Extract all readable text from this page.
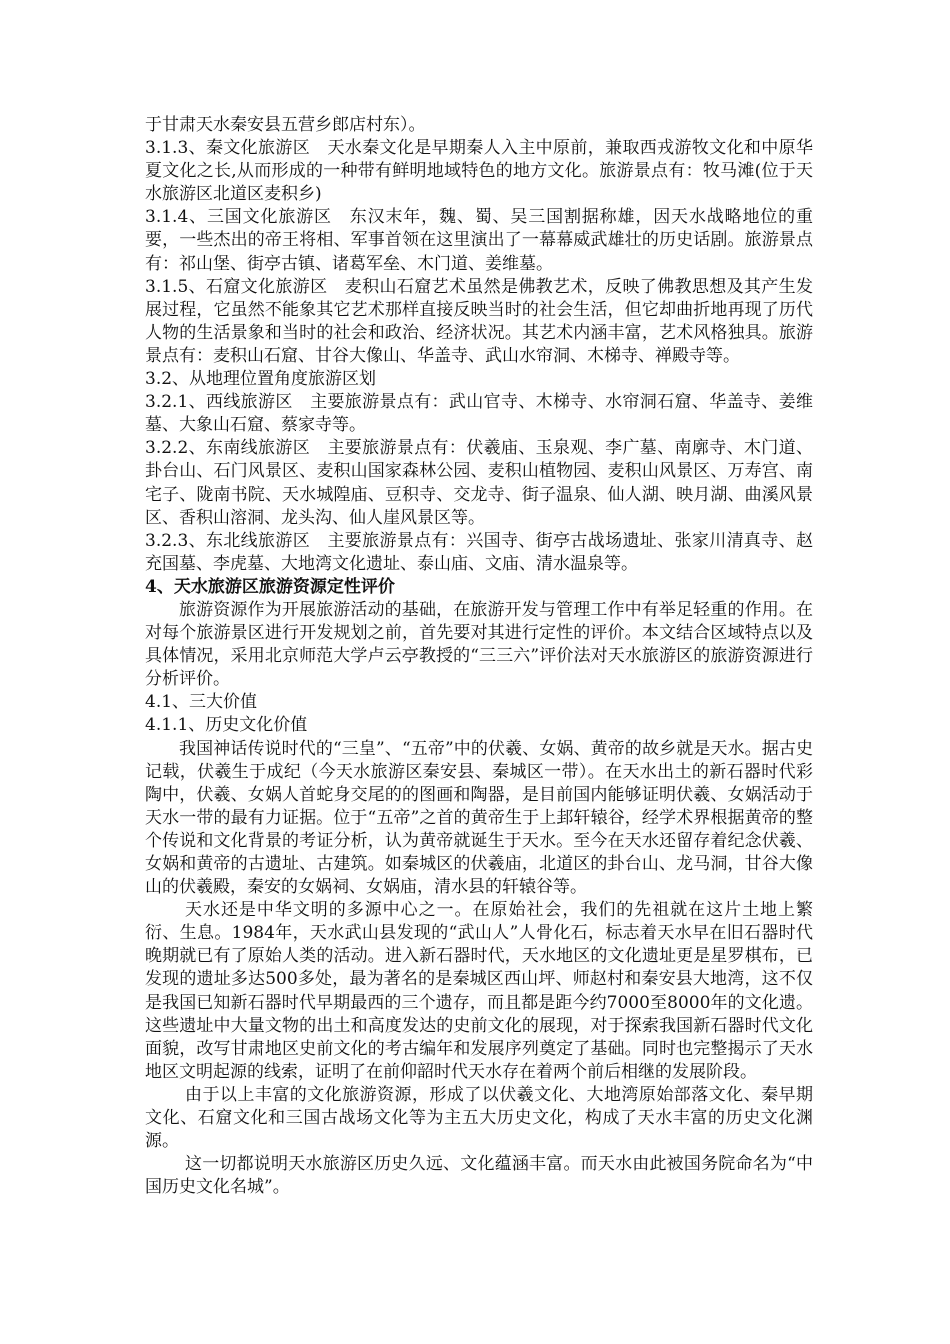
于甘肃天水秦安县五营乡郎店村东）。

3.1.3、秦文化旅游区　天水秦文化是早期秦人入主中原前，兼取西戎游牧文化和中原华夏文化之长,从而形成的一种带有鲜明地域特色的地方文化。旅游景点有：牧马滩(位于天水旅游区北道区麦积乡)

3.1.4、三国文化旅游区　东汉末年，魏、蜀、吴三国割据称雄，因天水战略地位的重要，一些杰出的帝王将相、军事首领在这里演出了一幕幕威武雄壮的历史话剧。旅游景点有：祁山堡、街亭古镇、诸葛军垒、木门道、姜维墓。

3.1.5、石窟文化旅游区　麦积山石窟艺术虽然是佛教艺术，反映了佛教思想及其产生发展过程，它虽然不能象其它艺术那样直接反映当时的社会生活，但它却曲折地再现了历代人物的生活景象和当时的社会和政治、经济状况。其艺术内涵丰富，艺术风格独具。旅游景点有：麦积山石窟、甘谷大像山、华盖寺、武山水帘洞、木梯寺、禅殿寺等。

3.2、从地理位置角度旅游区划

3.2.1、西线旅游区　主要旅游景点有：武山官寺、木梯寺、水帘洞石窟、华盖寺、姜维墓、大象山石窟、蔡家寺等。

3.2.2、东南线旅游区　主要旅游景点有：伏羲庙、玉泉观、李广墓、南廓寺、木门道、卦台山、石门风景区、麦积山国家森林公园、麦积山植物园、麦积山风景区、万寿宫、南宅子、陇南书院、天水城隍庙、豆积寺、交龙寺、街子温泉、仙人湖、映月湖、曲溪风景区、香积山溶洞、龙头沟、仙人崖风景区等。

3.2.3、东北线旅游区　主要旅游景点有：兴国寺、街亭古战场遗址、张家川清真寺、赵充国墓、李虎墓、大地湾文化遗址、泰山庙、文庙、清水温泉等。

4、天水旅游区旅游资源定性评价

旅游资源作为开展旅游活动的基础，在旅游开发与管理工作中有举足轻重的作用。在对每个旅游景区进行开发规划之前，首先要对其进行定性的评价。本文结合区域特点以及具体情况，采用北京师范大学卢云亭教授的“三三六”评价法对天水旅游区的旅游资源进行分析评价。

4.1、三大价值

4.1.1、历史文化价值

我国神话传说时代的“三皇”、“五帝”中的伏羲、女娲、黄帝的故乡就是天水。据古史记载，伏羲生于成纪（今天水旅游区秦安县、秦城区一带）。在天水出土的新石器时代彩陶中，伏羲、女娲人首蛇身交尾的的图画和陶器，是目前国内能够证明伏羲、女娲活动于天水一带的最有力证据。位于“五帝”之首的黄帝生于上邽轩辕谷，经学术界根据黄帝的整个传说和文化背景的考证分析，认为黄帝就诞生于天水。至今在天水还留存着纪念伏羲、女娲和黄帝的古遗址、古建筑。如秦城区的伏羲庙，北道区的卦台山、龙马洞，甘谷大像山的伏羲殿，秦安的女娲祠、女娲庙，清水县的轩辕谷等。

天水还是中华文明的多源中心之一。在原始社会，我们的先祖就在这片土地上繁衍、生息。1984年，天水武山县发现的“武山人”人骨化石，标志着天水早在旧石器时代晚期就已有了原始人类的活动。进入新石器时代，天水地区的文化遗址更是星罗棋布，已发现的遗址多达500多处，最为著名的是秦城区西山坪、师赵村和秦安县大地湾，这不仅是我国已知新石器时代早期最西的三个遗存，而且都是距今约7000至8000年的文化遗。这些遗址中大量文物的出土和高度发达的史前文化的展现，对于探索我国新石器时代文化面貌，改写甘肃地区史前文化的考古编年和发展序列奠定了基础。同时也完整揭示了天水地区文明起源的线索，证明了在前仰韶时代天水存在着两个前后相继的发展阶段。

由于以上丰富的文化旅游资源，形成了以伏羲文化、大地湾原始部落文化、秦早期文化、石窟文化和三国古战场文化等为主五大历史文化，构成了天水丰富的历史文化渊源。

这一切都说明天水旅游区历史久远、文化蕴涵丰富。而天水由此被国务院命名为“中国历史文化名城”。
